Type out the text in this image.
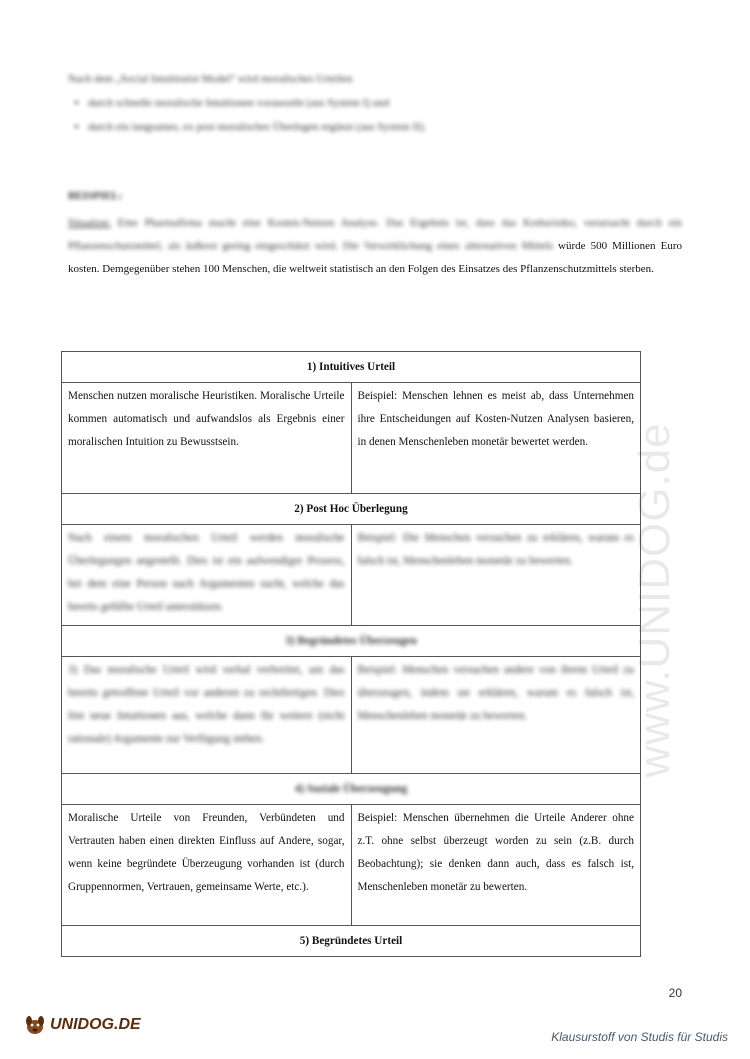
www.UNIDOG.de
Nach dem „Social Intuitionist Model“ wird moralisches Urteilen
• durch schnelle moralische Intuitionen vorausseht (aus System I) und
• durch ein langsames, ex post moralisches Überlegen ergänzt (aus System II).
BEISPIEL:
Situation: Eine Pharmafirma macht eine Kosten-Nutzen Analyse. Das Ergebnis ist, dass das Krebsrisiko, verursacht durch ein Pflanzenschutzmittel, als äußerst gering eingeschätzt wird. Die Verwirklichung eines alternativen Mittels würde 500 Millionen Euro kosten. Demgegenüber stehen 100 Menschen, die weltweit statistisch an den Folgen des Einsatzes des Pflanzenschutzmittels sterben.
1) Intuitives Urteil	
Menschen nutzen moralische Heuristiken. Moralische Urteile kommen automatisch und aufwandslos als Ergebnis einer moralischen Intuition zu Bewusstsein.	Beispiel: Menschen lehnen es meist ab, dass Unternehmen ihre Entscheidungen auf Kosten-Nutzen Analysen basieren, in denen Menschenleben monetär bewertet werden.
2) Post Hoc Überlegung	

Nach einem moralischen Urteil werden moralische Überlegungen angestellt. Dies ist ein aufwendiger Prozess, bei dem eine Person nach Argumenten sucht, welche das bereits gefällte Urteil unterstützen.	Beispiel: Die Menschen versuchen zu erklären, warum es falsch ist, Menschenleben monetär zu bewerten.

3) Begründetes Überzeugen	

3) Das moralische Urteil wird verbal verbreitet, um das bereits getroffene Urteil vor anderen zu rechtfertigen. Dies löst neue Intuitionen aus, welche dann für weitere (nicht rationale) Argumente zur Verfügung stehen.	Beispiel: Menschen versuchen andere von ihrem Urteil zu überzeugen, indem sie erklären, warum es falsch ist, Menschenleben monetär zu bewerten.

4) Soziale Überzeugung	

Moralische Urteile von Freunden, Verbündeten und Vertrauten haben einen direkten Einfluss auf Andere, sogar, wenn keine begründete Überzeugung vorhanden ist (durch Gruppennormen, Vertrauen, gemeinsame Werte, etc.).	Beispiel: Menschen übernehmen die Urteile Anderer ohne z.T. ohne selbst überzeugt worden zu sein (z.B. durch Beobachtung); sie denken dann auch, dass es falsch ist, Menschenleben monetär zu bewerten.
5) Begründetes Urteil	
20
UNIDOG.DE
Klausurstoff von Studis für Studis
